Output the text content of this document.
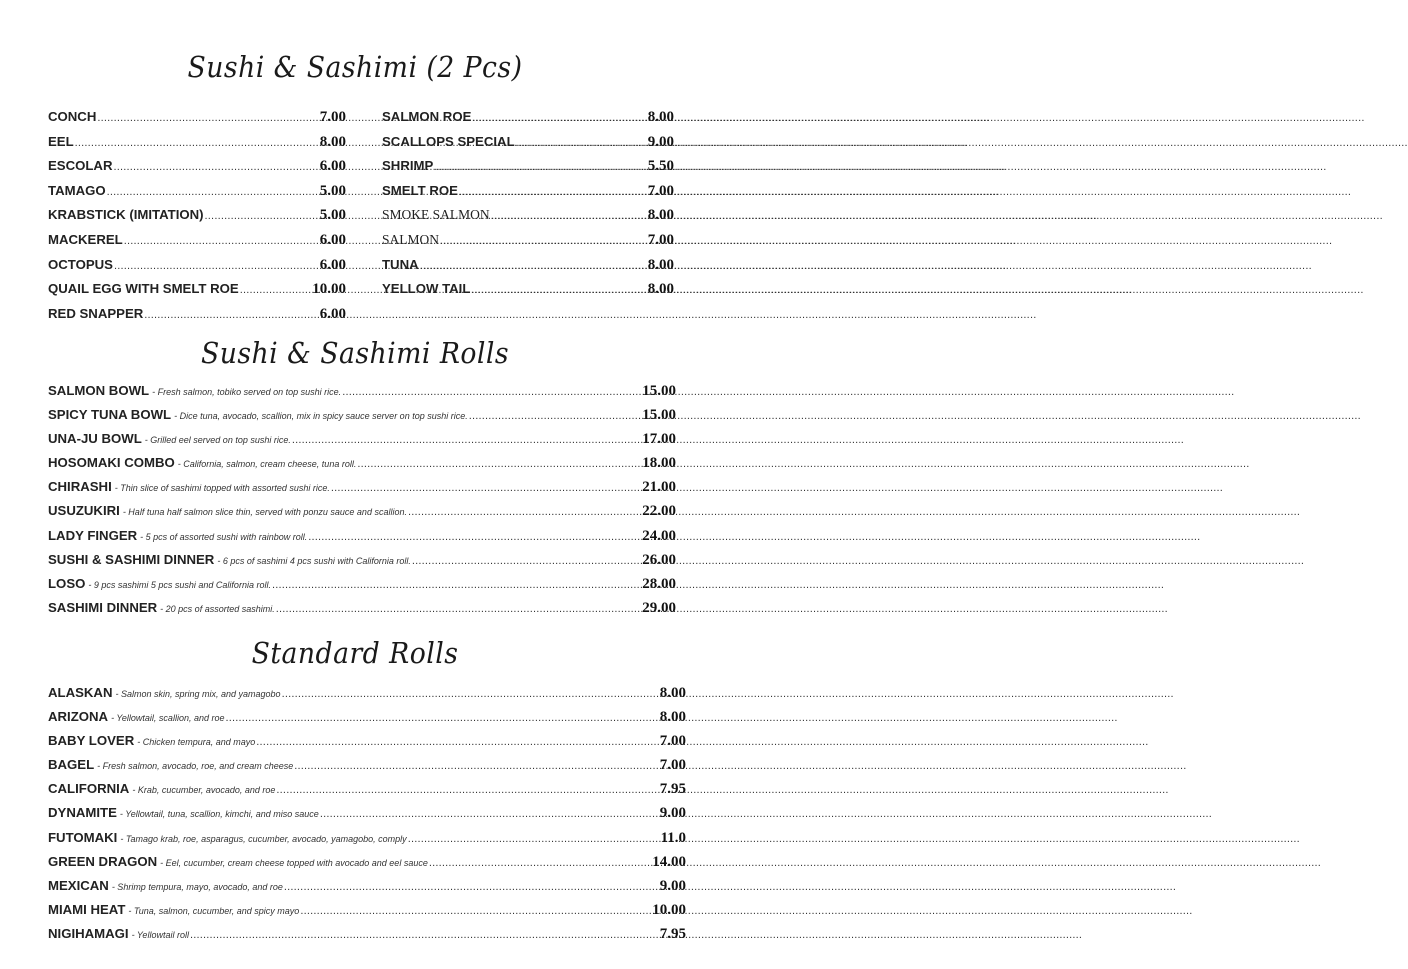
Sushi & Sashimi (2 Pcs)
CONCH .....	7.00
EEL .....	8.00
ESCOLAR .....	6.00
TAMAGO .....	5.00
KRABSTICK (IMITATION) .....	5.00
MACKEREL .....	6.00
OCTOPUS .....	6.00
QUAIL EGG WITH SMELT ROE .....	10.00
RED SNAPPER .....	6.00
SALMON ROE .....	8.00
SCALLOPS SPECIAL .....	9.00
SHRIMP .....	5.50
SMELT ROE .....	7.00
SMOKE SALMON .....	8.00
SALMON .....	7.00
TUNA .....	8.00
YELLOW TAIL .....	8.00
Sushi & Sashimi Rolls
SALMON BOWL - Fresh salmon, tobiko served on top sushi rice. .....	15.00
SPICY TUNA BOWL - Dice tuna, avocado, scallion, mix in spicy sauce server on top sushi rice. .....	15.00
UNA-JU BOWL - Grilled eel served on top sushi rice. .....	17.00
HOSOMAKI COMBO - California, salmon, cream cheese, tuna roll. .....	18.00
CHIRASHI - Thin slice of sashimi topped with assorted sushi rice. .....	21.00
USUZUKIRI - Half tuna half salmon slice thin, served with ponzu sauce and scallion. .....	22.00
LADY FINGER - 5 pcs of assorted sushi with rainbow roll. .....	24.00
SUSHI & SASHIMI DINNER - 6 pcs of sashimi 4 pcs sushi with California roll. .....	26.00
LOSO - 9 pcs sashimi 5 pcs sushi and California roll. .....	28.00
SASHIMI DINNER - 20 pcs of assorted sashimi. .....	29.00
Standard Rolls
ALASKAN - Salmon skin, spring mix, and yamagobo .....	8.00
ARIZONA - Yellowtail, scallion, and roe .....	8.00
BABY LOVER - Chicken tempura, and mayo .....	7.00
BAGEL - Fresh salmon, avocado, roe, and cream cheese .....	7.00
CALIFORNIA - Krab, cucumber, avocado, and roe .....	7.95
DYNAMITE - Yellowtail, tuna, scallion, kimchi, and miso sauce .....	9.00
FUTOMAKI - Tamago krab, roe, asparagus, cucumber, avocado, yamagobo, comply .....	11.0
GREEN DRAGON - Eel, cucumber, cream cheese topped with avocado and eel sauce .....	14.00
MEXICAN - Shrimp tempura, mayo, avocado, and roe .....	9.00
MIAMI HEAT - Tuna, salmon, cucumber, and spicy mayo .....	10.00
NIGIHAMAGI - Yellowtail roll .....	7.95
